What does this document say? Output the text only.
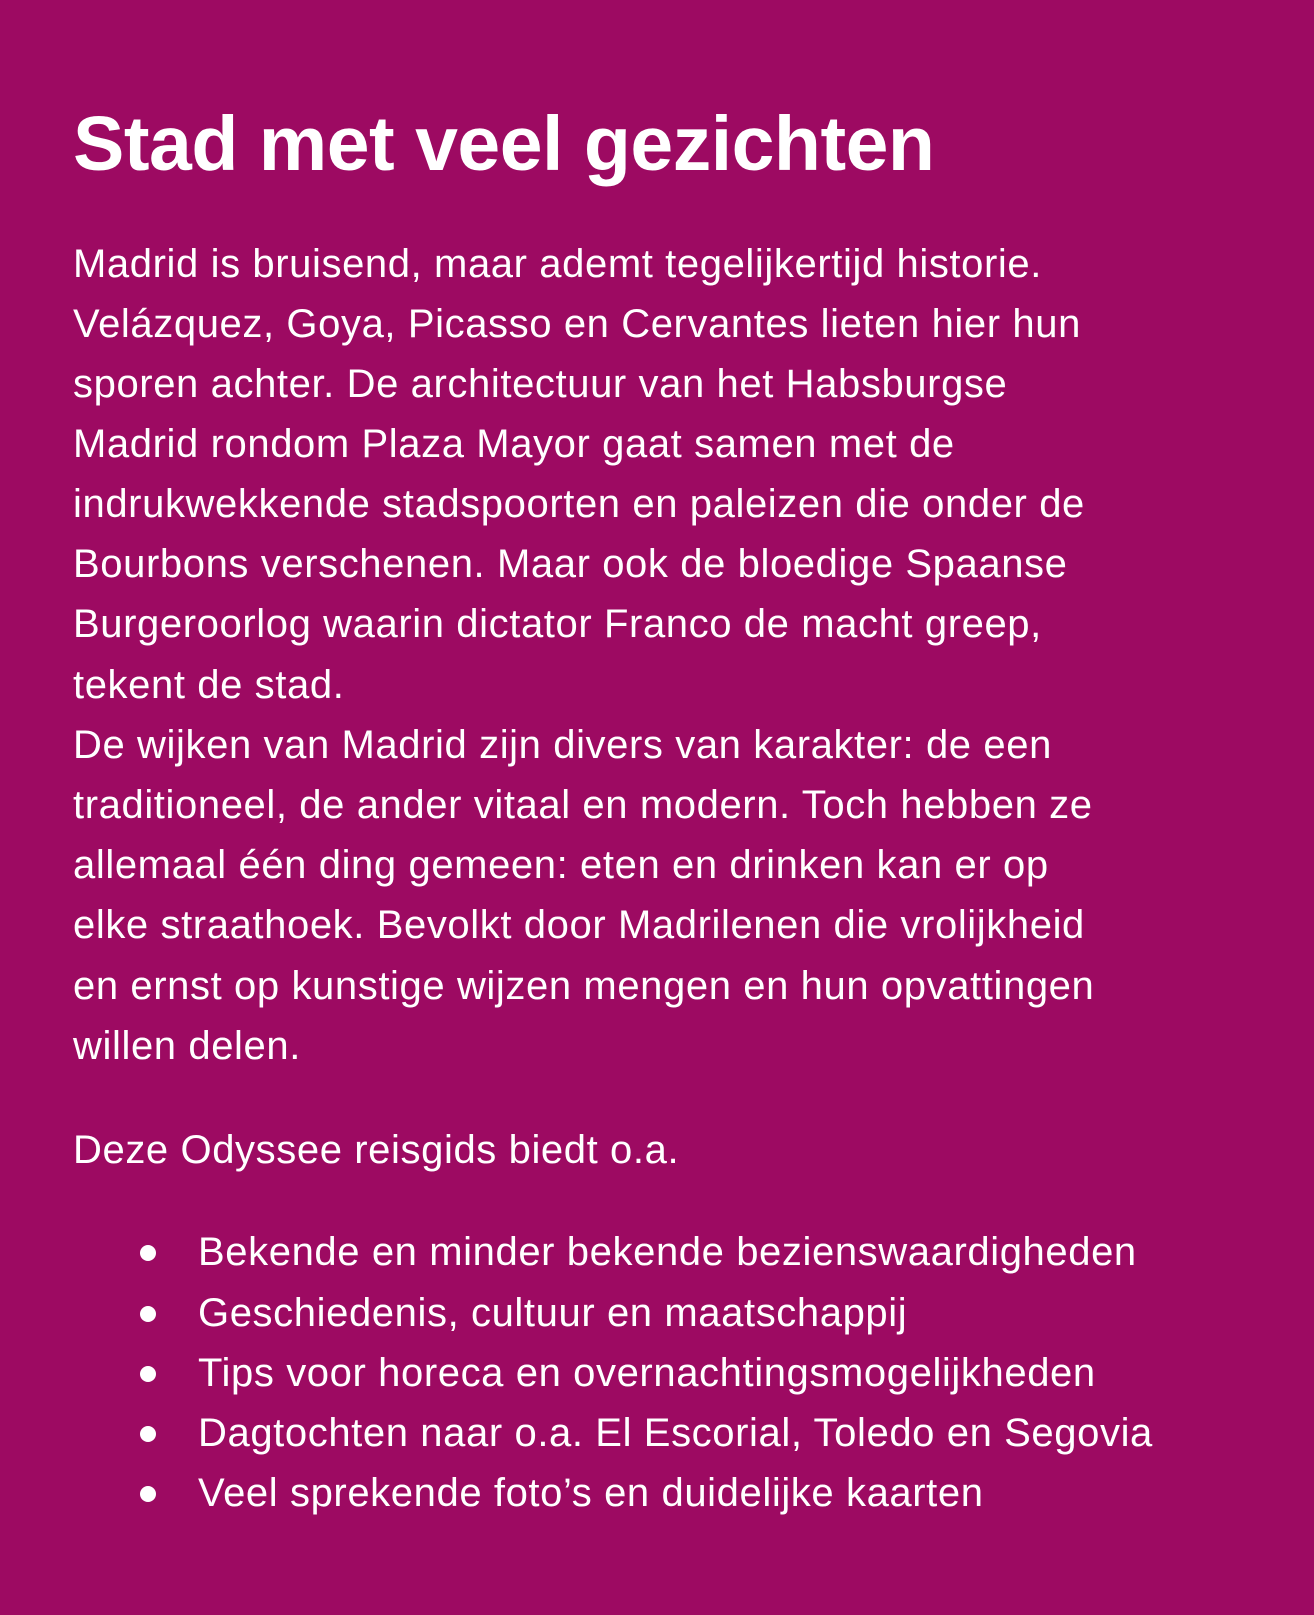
Stad met veel gezichten
Madrid is bruisend, maar ademt tegelijkertijd historie.
Velázquez, Goya, Picasso en Cervantes lieten hier hun
sporen achter. De architectuur van het Habsburgse
Madrid rondom Plaza Mayor gaat samen met de
indrukwekkende stadspoorten en paleizen die onder de
Bourbons verschenen. Maar ook de bloedige Spaanse
Burgeroorlog waarin dictator Franco de macht greep,
tekent de stad.
De wijken van Madrid zijn divers van karakter: de een
traditioneel, de ander vitaal en modern. Toch hebben ze
allemaal één ding gemeen: eten en drinken kan er op
elke straathoek. Bevolkt door Madrilenen die vrolijkheid
en ernst op kunstige wijzen mengen en hun opvattingen
willen delen.
Deze Odyssee reisgids biedt o.a.
Bekende en minder bekende bezienswaardigheden
Geschiedenis, cultuur en maatschappij
Tips voor horeca en overnachtingsmogelijkheden
Dagtochten naar o.a. El Escorial, Toledo en Segovia
Veel sprekende foto’s en duidelijke kaarten
